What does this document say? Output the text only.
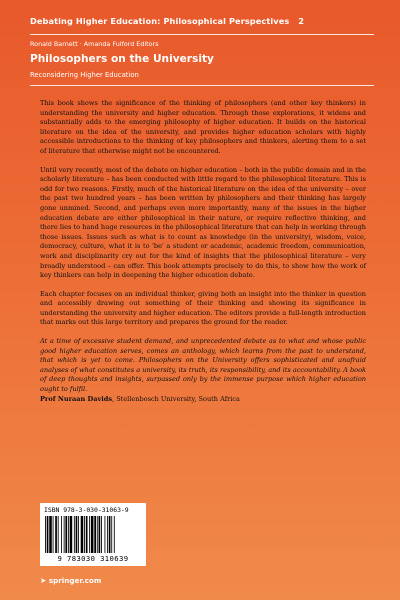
Debating Higher Education: Philosophical Perspectives 2
Ronald Barnett · Amanda Fulford Editors
Philosophers on the University
Reconsidering Higher Education

This book shows the significance of the thinking of philosophers (and other key thinkers) in understanding the university and higher education. Through those explorations, it widens and substantially adds to the emerging philosophy of higher education. It builds on the historical literature on the idea of the university, and provides higher education scholars with highly accessible introductions to the thinking of key philosophers and thinkers, alerting them to a set of literature that otherwise might not be encountered.

Until very recently, most of the debate on higher education – both in the public domain and in the scholarly literature – has been conducted with little regard to the philosophical literature. This is odd for two reasons. Firstly, much of the historical literature on the idea of the university – over the past two hundred years – has been written by philosophers and their thinking has largely gone unmined. Second, and perhaps even more importantly, many of the issues in the higher education debate are either philosophical in their nature, or require reflective thinking, and there lies to hand huge resources in the philosophical literature that can help in working through those issues. Issues such as what is to count as knowledge (in the university), wisdom, voice, democracy, culture, what it is to 'be' a student or academic, academic freedom, communication, work and disciplinarity cry out for the kind of insights that the philosophical literature – very broadly understood – can offer. This book attempts precisely to do this, to show how the work of key thinkers can help in deepening the higher education debate.

Each chapter focuses on an individual thinker, giving both an insight into the thinker in question and accessibly drawing out something of their thinking and showing its significance in understanding the university and higher education. The editors provide a full-length introduction that marks out this large territory and prepares the ground for the reader.

At a time of excessive student demand, and unprecedented debate as to what and whose public good higher education serves, comes an anthology, which learns from the past to understand, that which is yet to come. Philosophers on the University offers sophisticated and unafraid analyses of what constitutes a university, its truth, its responsibility, and its accountability. A book of deep thoughts and insights, surpassed only by the immense purpose which higher education ought to fulfil.

Prof Nuraan Davids, Stellenbosch University, South Africa

ISBN 978-3-030-31063-9
9 783030 310639
➤ springer.com
